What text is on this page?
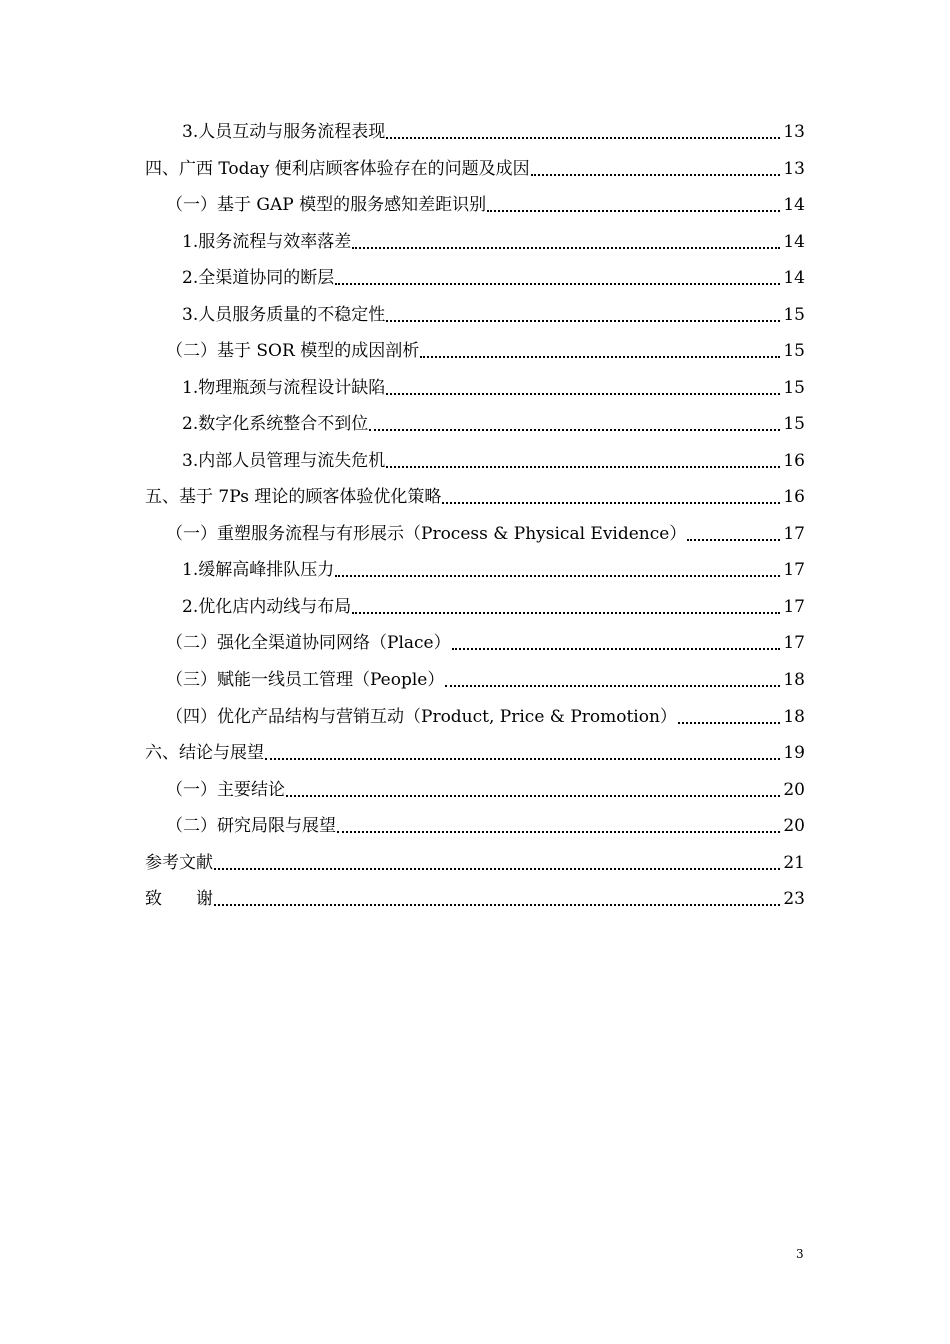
3.人员互动与服务流程表现	13
四、广西 Today 便利店顾客体验存在的问题及成因	13
（一）基于 GAP 模型的服务感知差距识别	14
1.服务流程与效率落差	14
2.全渠道协同的断层	14
3.人员服务质量的不稳定性	15
（二）基于 SOR 模型的成因剖析	15
1.物理瓶颈与流程设计缺陷	15
2.数字化系统整合不到位	15
3.内部人员管理与流失危机	16
五、基于 7Ps 理论的顾客体验优化策略	16
（一）重塑服务流程与有形展示（Process & Physical Evidence）	17
1.缓解高峰排队压力	17
2.优化店内动线与布局	17
（二）强化全渠道协同网络（Place）	17
（三）赋能一线员工管理（People）	18
（四）优化产品结构与营销互动（Product, Price & Promotion）	18
六、结论与展望	19
（一）主要结论	20
（二）研究局限与展望	20
参考文献	21
致　　谢	23
3
